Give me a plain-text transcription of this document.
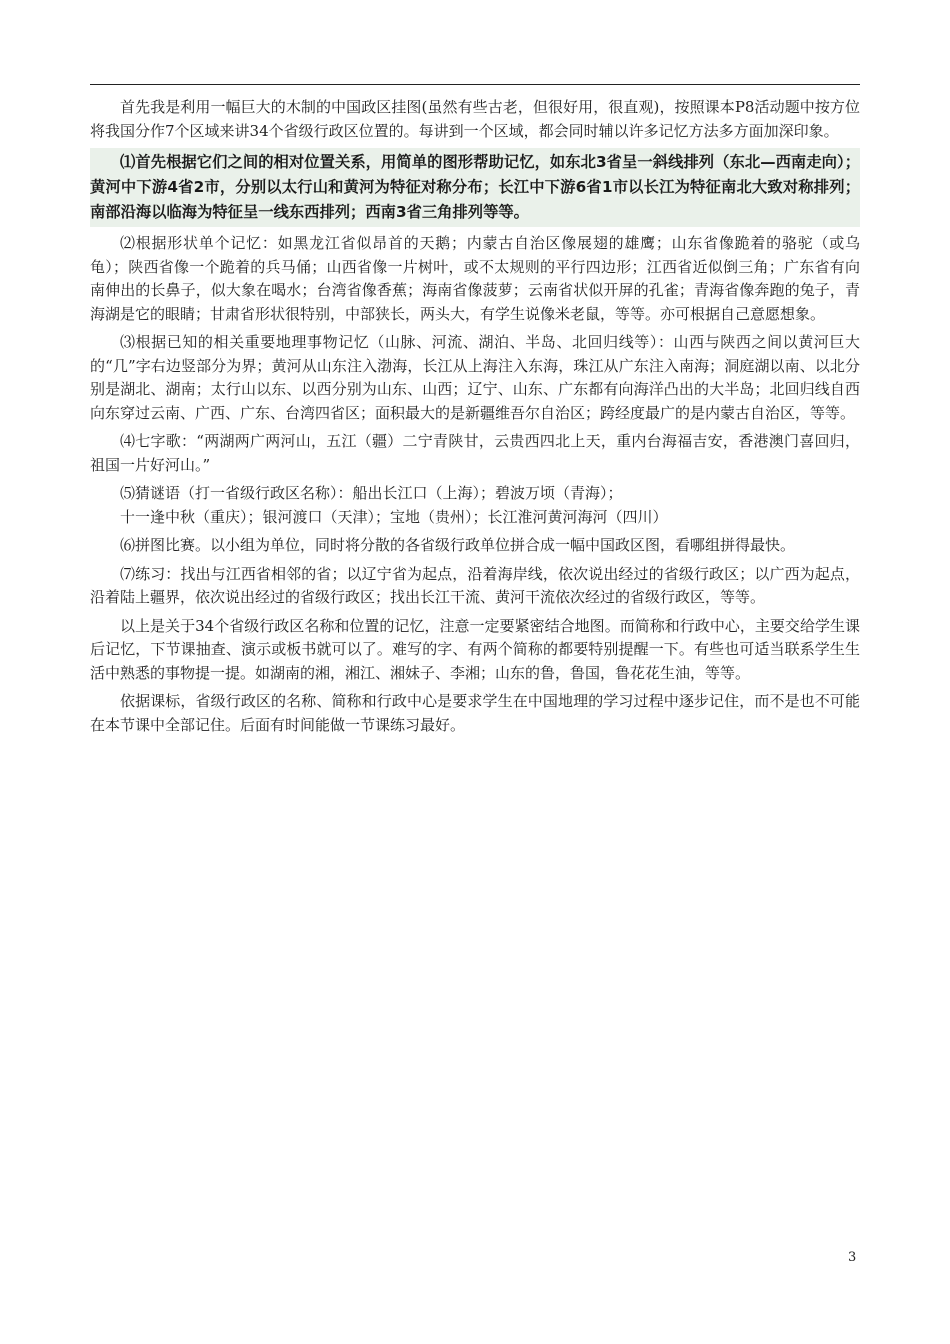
首先我是利用一幅巨大的木制的中国政区挂图(虽然有些古老，但很好用，很直观)，按照课本P8活动题中按方位将我国分作7个区域来讲34个省级行政区位置的。每讲到一个区域，都会同时辅以许多记忆方法多方面加深印象。

⑴首先根据它们之间的相对位置关系，用简单的图形帮助记忆，如东北3省呈一斜线排列（东北—西南走向）；黄河中下游4省2市，分别以太行山和黄河为特征对称分布；长江中下游6省1市以长江为特征南北大致对称排列；南部沿海以临海为特征呈一线东西排列；西南3省三角排列等等。

⑵根据形状单个记忆：如黑龙江省似昂首的天鹅；内蒙古自治区像展翅的雄鹰；山东省像跪着的骆驼（或乌龟）；陕西省像一个跪着的兵马俑；山西省像一片树叶，或不太规则的平行四边形；江西省近似倒三角；广东省有向南伸出的长鼻子，似大象在喝水；台湾省像香蕉；海南省像菠萝；云南省状似开屏的孔雀；青海省像奔跑的兔子，青海湖是它的眼睛；甘肃省形状很特别，中部狭长，两头大，有学生说像米老鼠，等等。亦可根据自己意愿想象。

⑶根据已知的相关重要地理事物记忆（山脉、河流、湖泊、半岛、北回归线等）：山西与陕西之间以黄河巨大的“几”字右边竖部分为界；黄河从山东注入渤海，长江从上海注入东海，珠江从广东注入南海；洞庭湖以南、以北分别是湖北、湖南；太行山以东、以西分别为山东、山西；辽宁、山东、广东都有向海洋凸出的大半岛；北回归线自西向东穿过云南、广西、广东、台湾四省区；面积最大的是新疆维吾尔自治区；跨经度最广的是内蒙古自治区，等等。

⑷七字歌：“两湖两广两河山，五江（疆）二宁青陕甘，云贵西四北上天，重内台海福吉安，香港澳门喜回归，祖国一片好河山。”

⑸猜谜语（打一省级行政区名称）：船出长江口（上海）；碧波万顷（青海）；

十一逢中秋（重庆）；银河渡口（天津）；宝地（贵州）；长江淮河黄河海河（四川）

⑹拼图比赛。以小组为单位，同时将分散的各省级行政单位拼合成一幅中国政区图，看哪组拼得最快。

⑺练习：找出与江西省相邻的省；以辽宁省为起点，沿着海岸线，依次说出经过的省级行政区；以广西为起点，沿着陆上疆界，依次说出经过的省级行政区；找出长江干流、黄河干流依次经过的省级行政区，等等。

以上是关于34个省级行政区名称和位置的记忆，注意一定要紧密结合地图。而简称和行政中心，主要交给学生课后记忆，下节课抽查、演示或板书就可以了。难写的字、有两个简称的都要特别提醒一下。有些也可适当联系学生生活中熟悉的事物提一提。如湖南的湘，湘江、湘妹子、李湘；山东的鲁，鲁国，鲁花花生油，等等。

依据课标，省级行政区的名称、简称和行政中心是要求学生在中国地理的学习过程中逐步记住，而不是也不可能在本节课中全部记住。后面有时间能做一节课练习最好。

3
